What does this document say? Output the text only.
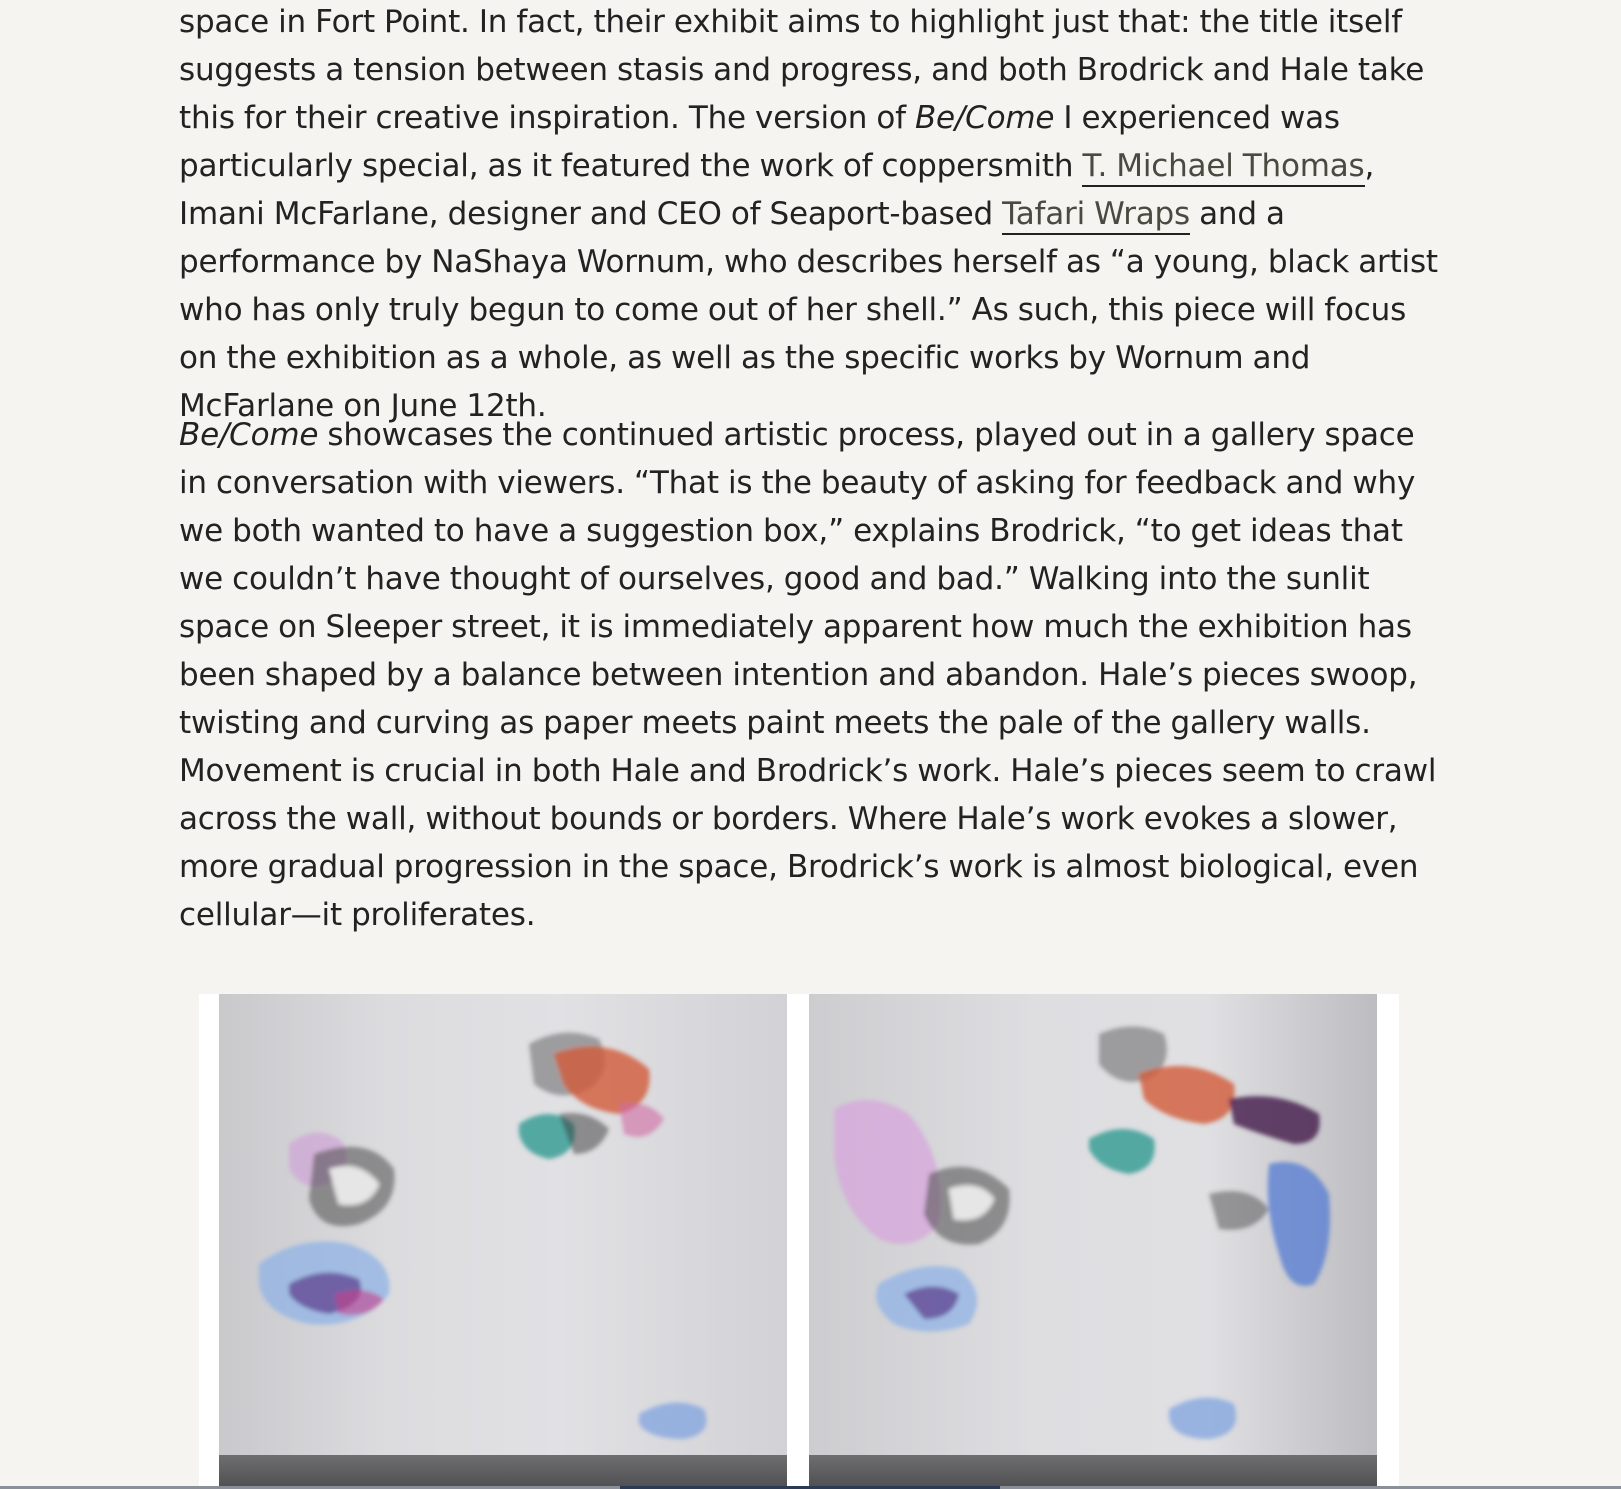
space in Fort Point. In fact, their exhibit aims to highlight just that: the title itself suggests a tension between stasis and progress, and both Brodrick and Hale take this for their creative inspiration. The version of Be/Come I experienced was particularly special, as it featured the work of coppersmith T. Michael Thomas, Imani McFarlane, designer and CEO of Seaport-based Tafari Wraps and a performance by NaShaya Wornum, who describes herself as “a young, black artist who has only truly begun to come out of her shell.” As such, this piece will focus on the exhibition as a whole, as well as the specific works by Wornum and McFarlane on June 12th.

Be/Come showcases the continued artistic process, played out in a gallery space in conversation with viewers. “That is the beauty of asking for feedback and why we both wanted to have a suggestion box,” explains Brodrick, “to get ideas that we couldn’t have thought of ourselves, good and bad.” Walking into the sunlit space on Sleeper street, it is immediately apparent how much the exhibition has been shaped by a balance between intention and abandon. Hale’s pieces swoop, twisting and curving as paper meets paint meets the pale of the gallery walls. Movement is crucial in both Hale and Brodrick’s work. Hale’s pieces seem to crawl across the wall, without bounds or borders. Where Hale’s work evokes a slower, more gradual progression in the space, Brodrick’s work is almost biological, even cellular—it proliferates.
